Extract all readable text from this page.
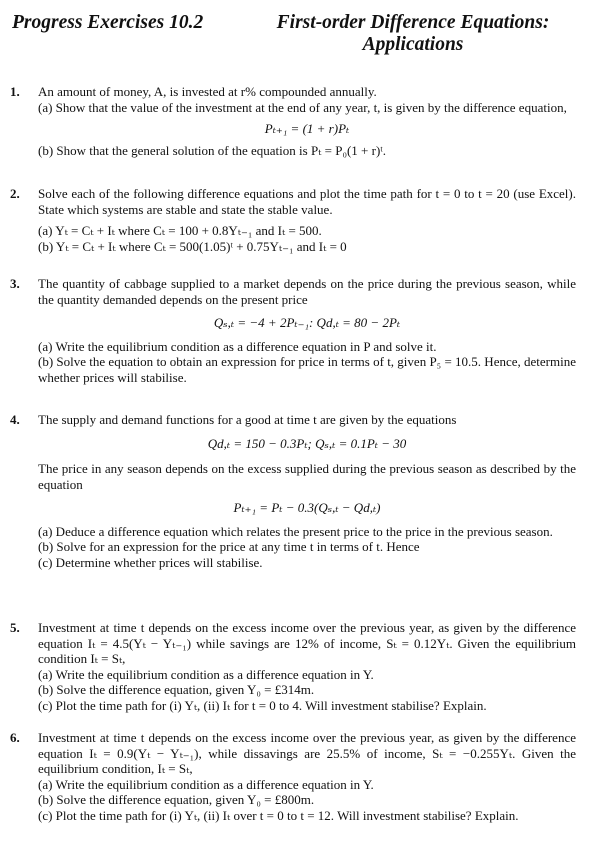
Progress Exercises 10.2	First-order Difference Equations:
Applications
1. An amount of money, A, is invested at r% compounded annually.

(a) Show that the value of the investment at the end of any year, t, is given by the difference equation,

Pₜ₊₁ = (1 + r)Pₜ

(b) Show that the general solution of the equation is Pₜ = P₀(1 + r)ᵗ.

2. Solve each of the following difference equations and plot the time path for t = 0 to t = 20 (use Excel). State which systems are stable and state the stable value.

(a) Yₜ = Cₜ + Iₜ where Cₜ = 100 + 0.8Yₜ₋₁ and Iₜ = 500.

(b) Yₜ = Cₜ + Iₜ where Cₜ = 500(1.05)ᵗ + 0.75Yₜ₋₁ and Iₜ = 0

3. The quantity of cabbage supplied to a market depends on the price during the previous season, while the quantity demanded depends on the present price

Qₛ,ₜ = −4 + 2Pₜ₋₁: Qd,ₜ = 80 − 2Pₜ

(a) Write the equilibrium condition as a difference equation in P and solve it.

(b) Solve the equation to obtain an expression for price in terms of t, given P₅ = 10.5. Hence, determine whether prices will stabilise.

4. The supply and demand functions for a good at time t are given by the equations

Qd,ₜ = 150 − 0.3Pₜ; Qₛ,ₜ = 0.1Pₜ − 30

The price in any season depends on the excess supplied during the previous season as described by the equation

Pₜ₊₁ = Pₜ − 0.3(Qₛ,ₜ − Qd,ₜ)

(a) Deduce a difference equation which relates the present price to the price in the previous season.

(b) Solve for an expression for the price at any time t in terms of t. Hence

(c) Determine whether prices will stabilise.

5. Investment at time t depends on the excess income over the previous year, as given by the difference equation Iₜ = 4.5(Yₜ − Yₜ₋₁) while savings are 12% of income, Sₜ = 0.12Yₜ. Given the equilibrium condition Iₜ = Sₜ,

(a) Write the equilibrium condition as a difference equation in Y.

(b) Solve the difference equation, given Y₀ = £314m.

(c) Plot the time path for (i) Yₜ, (ii) Iₜ for t = 0 to 4. Will investment stabilise? Explain.

6. Investment at time t depends on the excess income over the previous year, as given by the difference equation Iₜ = 0.9(Yₜ − Yₜ₋₁), while dissavings are 25.5% of income, Sₜ = −0.255Yₜ. Given the equilibrium condition, Iₜ = Sₜ,

(a) Write the equilibrium condition as a difference equation in Y.

(b) Solve the difference equation, given Y₀ = £800m.

(c) Plot the time path for (i) Yₜ, (ii) Iₜ over t = 0 to t = 12. Will investment stabilise? Explain.
